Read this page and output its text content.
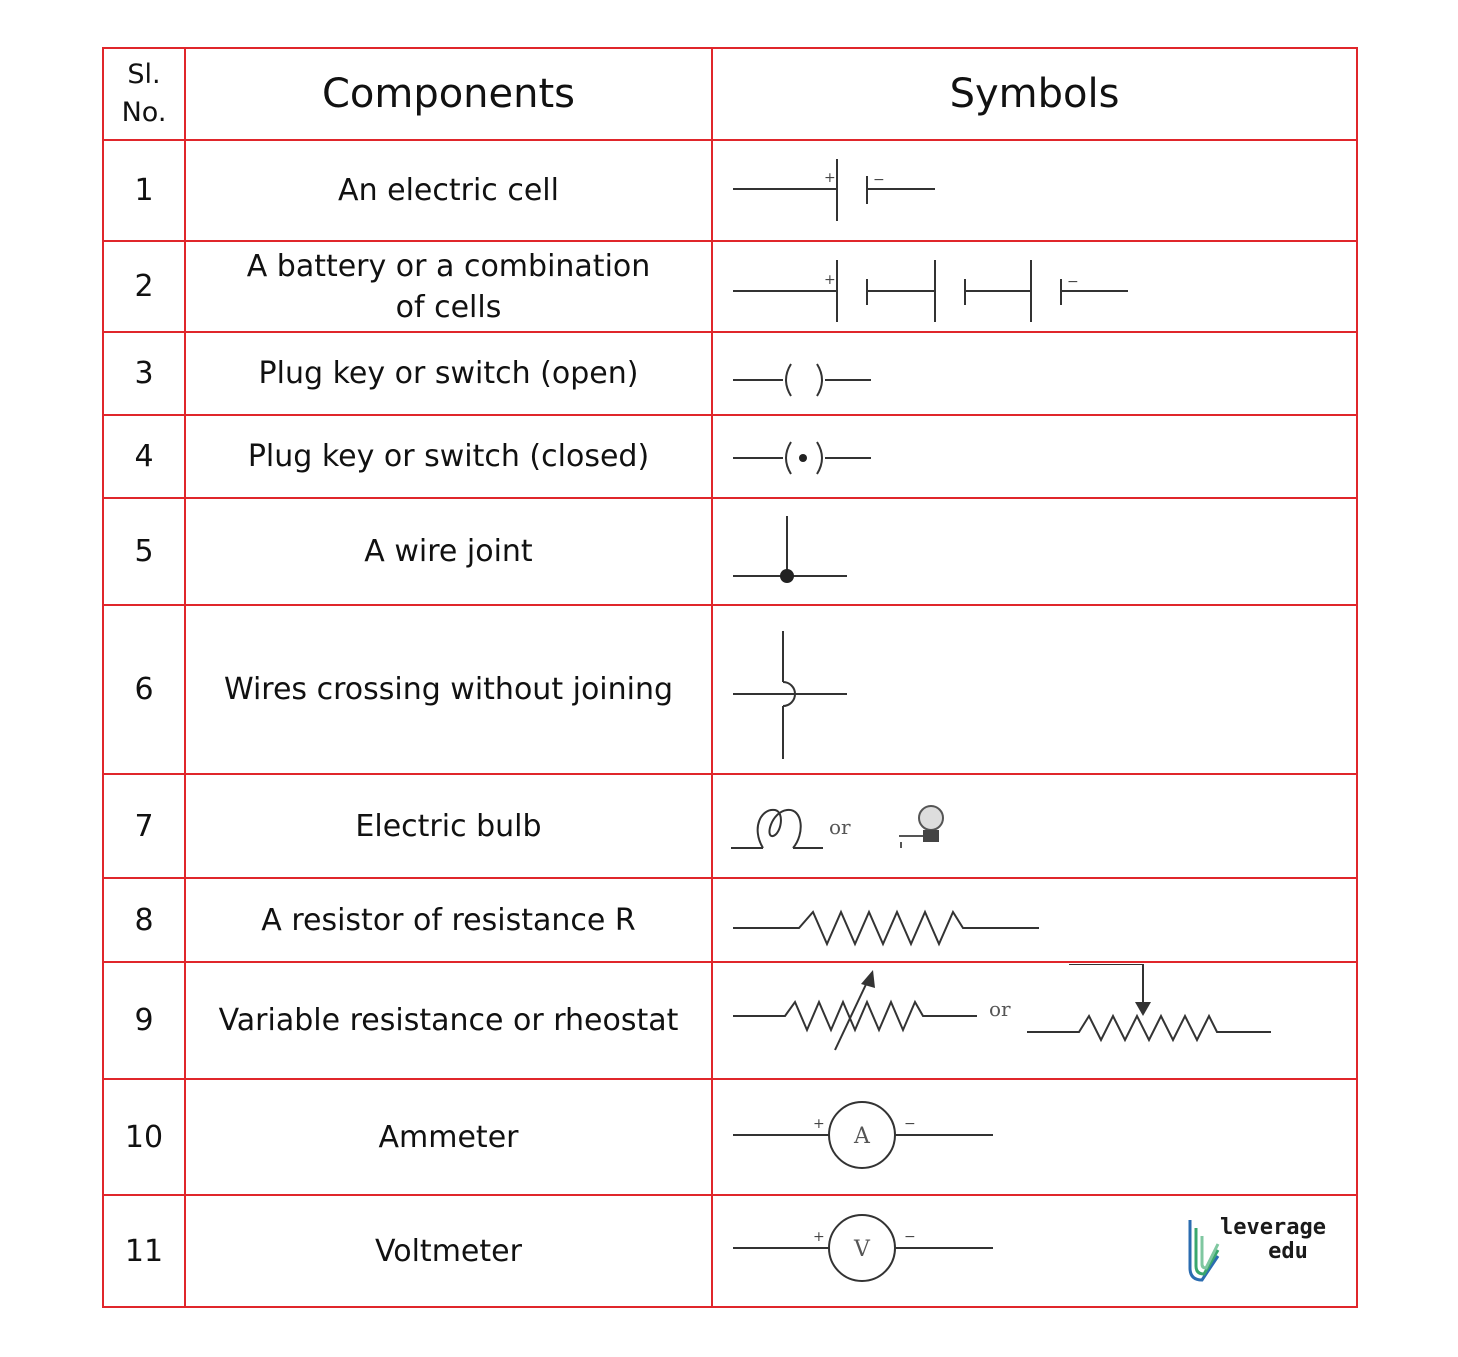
Sl. No.	Components	Symbols
1	An electric cell	+ −

2	A battery or a combination of cells	+ −

3	Plug key or switch (open)	

4	Plug key or switch (closed)	

5	A wire joint	

6	Wires crossing without joining	

7	Electric bulb	or

8	A resistor of resistance R	

9	Variable resistance or rheostat	or

10	Ammeter	+ −
A

11	Voltmeter	+ −
V
leverage
edu
